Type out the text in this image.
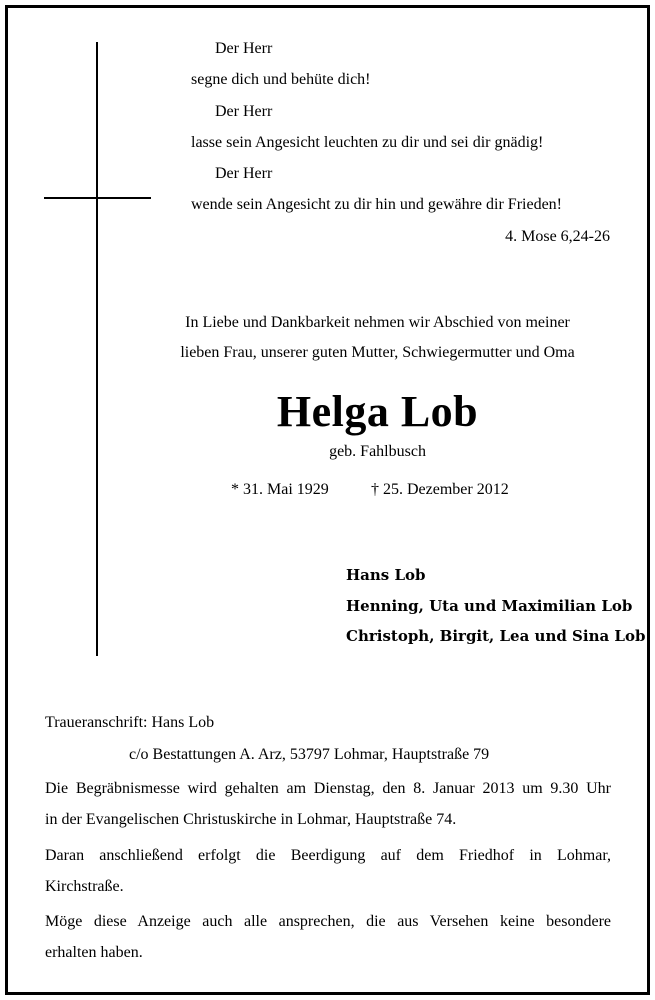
Der Herr
segne dich und behüte dich!
Der Herr
lasse sein Angesicht leuchten zu dir und sei dir gnädig!
Der Herr
wende sein Angesicht zu dir hin und gewähre dir Frieden!
4. Mose 6,24-26
In Liebe und Dankbarkeit nehmen wir Abschied von meiner
lieben Frau, unserer guten Mutter, Schwiegermutter und Oma
Helga Lob
geb. Fahlbusch
* 31. Mai 1929	† 25. Dezember 2012
Hans Lob
Henning, Uta und Maximilian Lob
Christoph, Birgit, Lea und Sina Lob
Traueranschrift: Hans Lob
c/o Bestattungen A. Arz, 53797 Lohmar, Hauptstraße 79
Die Begräbnismesse wird gehalten am Dienstag, den 8. Januar 2013 um 9.30 Uhr
in der Evangelischen Christuskirche in Lohmar, Hauptstraße 74.
Daran anschließend erfolgt die Beerdigung auf dem Friedhof in Lohmar,
Kirchstraße.
Möge diese Anzeige auch alle ansprechen, die aus Versehen keine besondere
erhalten haben.
